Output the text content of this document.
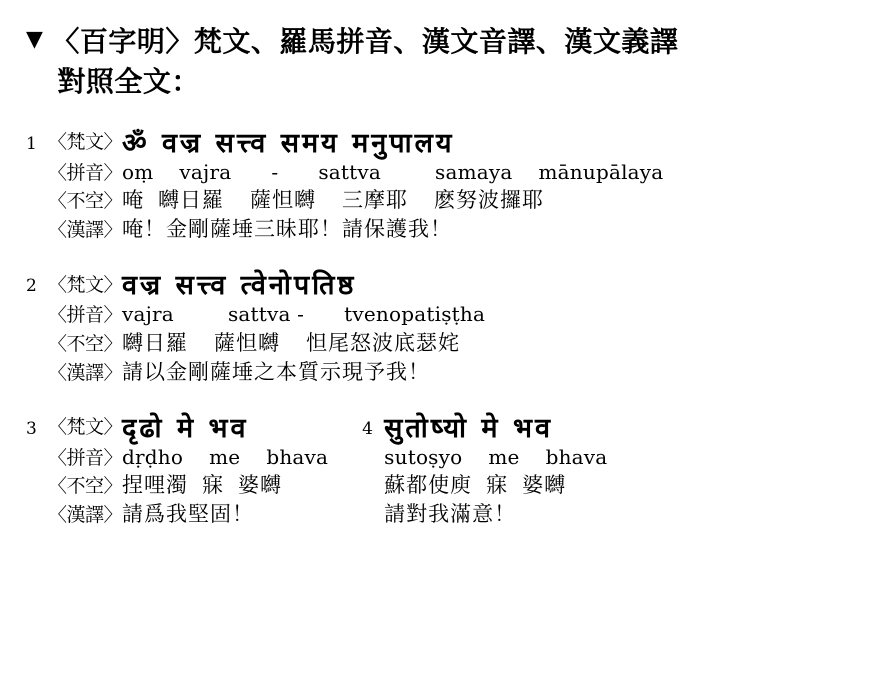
▼ 〈百字明〉梵文、羅馬拼音、漢文音譯、漢文義譯
對照全文：
1 〈梵文〉 ॐ व‍ज्र स‍त्त्व स‍म‍य म‍नु‍पा‍ल‍य
〈拼音〉 oṃ vajra - sattva	samaya mānupālaya
〈不空〉 唵 嚩日羅 薩怛嚩 三摩耶 麽努波攞耶
〈漢譯〉 唵！金剛薩埵三昧耶！請保護我！
2 〈梵文〉 व‍ज्र स‍त्त्व त्वे‍नो‍प‍ति‍ष्ठ
〈拼音〉 vajra	sattva - tvenopatiṣṭha
〈不空〉 嚩日羅 薩怛嚩 怛尾怒波底瑟姹
〈漢譯〉 請以金剛薩埵之本質示現予我！
3 〈梵文〉 दृ‍ढो मे भ‍व
〈拼音〉 dṛḍho me bhava
〈不空〉 捏哩濁 寐 婆嚩
〈漢譯〉 請爲我堅固！
4 सु‍तो‍ष्यो मे भ‍व
sutoṣyo me bhava
蘇都使庾 寐 婆嚩
請對我滿意！
